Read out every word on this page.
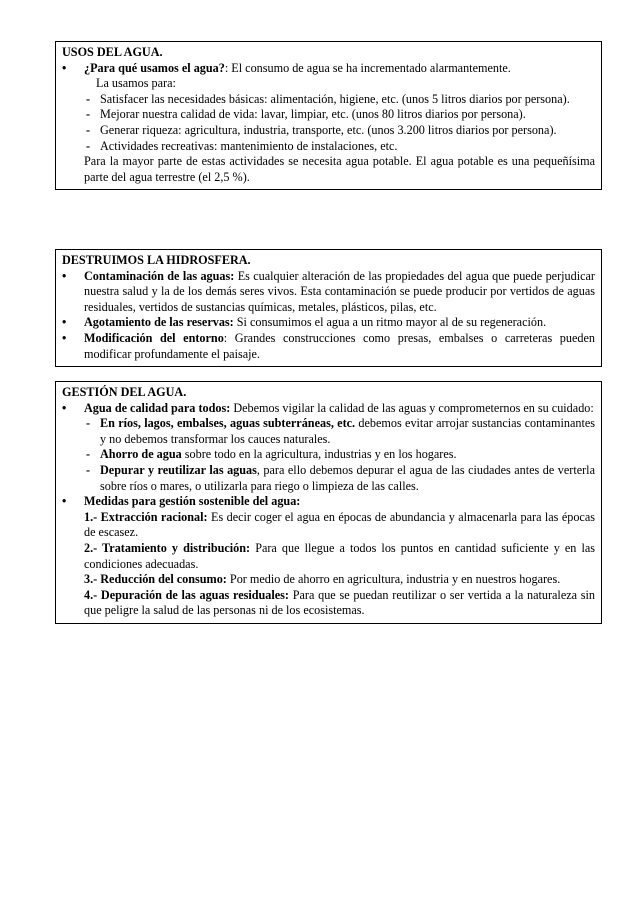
USOS DEL AGUA.
• ¿Para qué usamos el agua?: El consumo de agua se ha incrementado alarmantemente.
La usamos para:
- Satisfacer las necesidades básicas: alimentación, higiene, etc. (unos 5 litros diarios por persona).
- Mejorar nuestra calidad de vida: lavar, limpiar, etc. (unos 80 litros diarios por persona).
- Generar riqueza: agricultura, industria, transporte, etc. (unos 3.200 litros diarios por persona).
- Actividades recreativas: mantenimiento de instalaciones, etc.
Para la mayor parte de estas actividades se necesita agua potable. El agua potable es una pequeñísima parte del agua terrestre (el 2,5 %).
DESTRUIMOS LA HIDROSFERA.
• Contaminación de las aguas: Es cualquier alteración de las propiedades del agua que puede perjudicar nuestra salud y la de los demás seres vivos. Esta contaminación se puede producir por vertidos de aguas residuales, vertidos de sustancias químicas, metales, plásticos, pilas, etc.
• Agotamiento de las reservas: Si consumimos el agua a un ritmo mayor al de su regeneración.
• Modificación del entorno: Grandes construcciones como presas, embalses o carreteras pueden modificar profundamente el paisaje.
GESTIÓN DEL AGUA.
• Agua de calidad para todos: Debemos vigilar la calidad de las aguas y comprometernos en su cuidado:
- En ríos, lagos, embalses, aguas subterráneas, etc. debemos evitar arrojar sustancias contaminantes y no debemos transformar los cauces naturales.
- Ahorro de agua sobre todo en la agricultura, industrias y en los hogares.
- Depurar y reutilizar las aguas, para ello debemos depurar el agua de las ciudades antes de verterla sobre ríos o mares, o utilizarla para riego o limpieza de las calles.
• Medidas para gestión sostenible del agua:
1.- Extracción racional: Es decir coger el agua en épocas de abundancia y almacenarla para las épocas de escasez.
2.- Tratamiento y distribución: Para que llegue a todos los puntos en cantidad suficiente y en las condiciones adecuadas.
3.- Reducción del consumo: Por medio de ahorro en agricultura, industria y en nuestros hogares.
4.- Depuración de las aguas residuales: Para que se puedan reutilizar o ser vertida a la naturaleza sin que peligre la salud de las personas ni de los ecosistemas.
